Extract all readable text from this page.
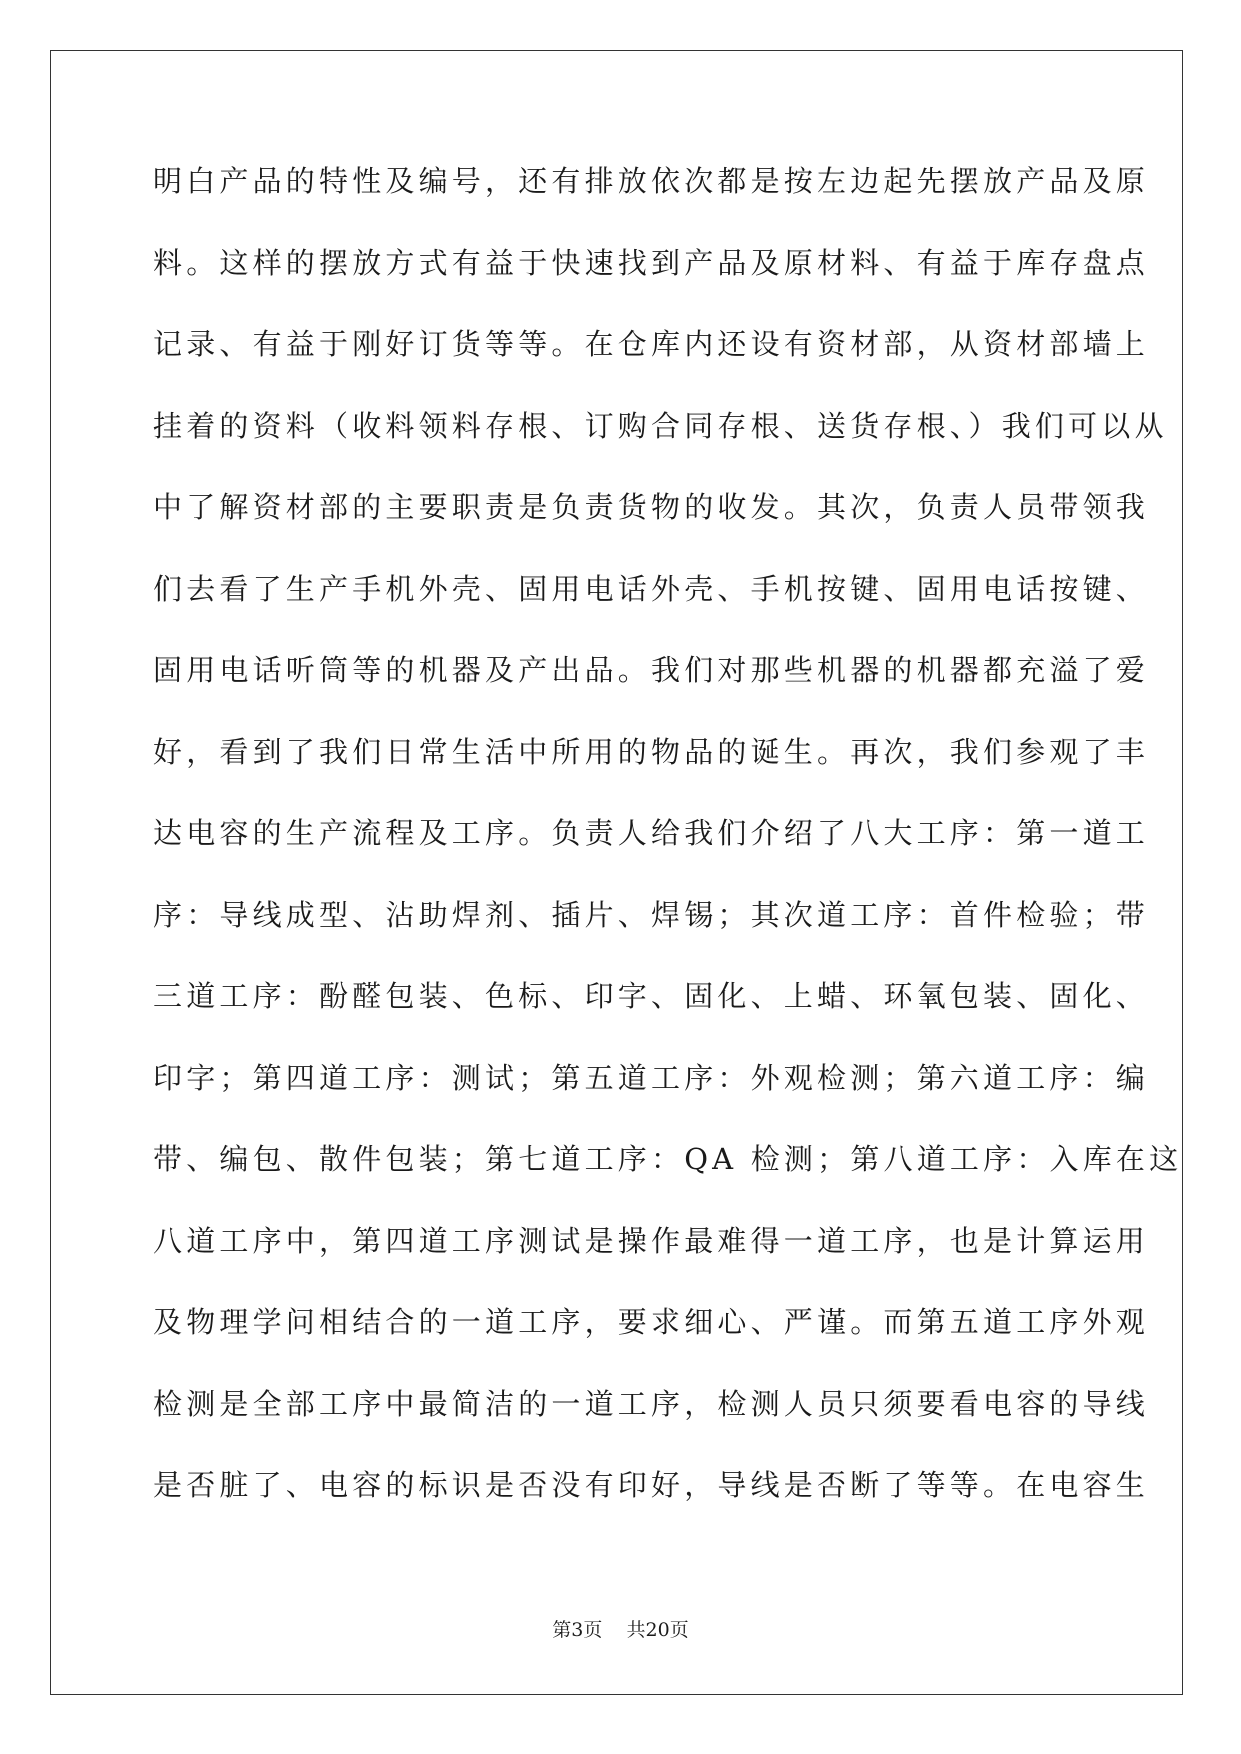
明白产品的特性及编号，还有排放依次都是按左边起先摆放产品及原
料。这样的摆放方式有益于快速找到产品及原材料、有益于库存盘点
记录、有益于刚好订货等等。在仓库内还设有资材部，从资材部墙上
挂着的资料（收料领料存根、订购合同存根、送货存根、）我们可以从
中了解资材部的主要职责是负责货物的收发。其次，负责人员带领我
们去看了生产手机外壳、固用电话外壳、手机按键、固用电话按键、
固用电话听筒等的机器及产出品。我们对那些机器的机器都充溢了爱
好，看到了我们日常生活中所用的物品的诞生。再次，我们参观了丰
达电容的生产流程及工序。负责人给我们介绍了八大工序：第一道工
序：导线成型、沾助焊剂、插片、焊锡；其次道工序：首件检验；带
三道工序：酚醛包装、色标、印字、固化、上蜡、环氧包装、固化、
印字；第四道工序：测试；第五道工序：外观检测；第六道工序：编
带、编包、散件包装；第七道工序：QA 检测；第八道工序：入库在这
八道工序中，第四道工序测试是操作最难得一道工序，也是计算运用
及物理学问相结合的一道工序，要求细心、严谨。而第五道工序外观
检测是全部工序中最简洁的一道工序，检测人员只须要看电容的导线
是否脏了、电容的标识是否没有印好，导线是否断了等等。在电容生
第3页 共20页
